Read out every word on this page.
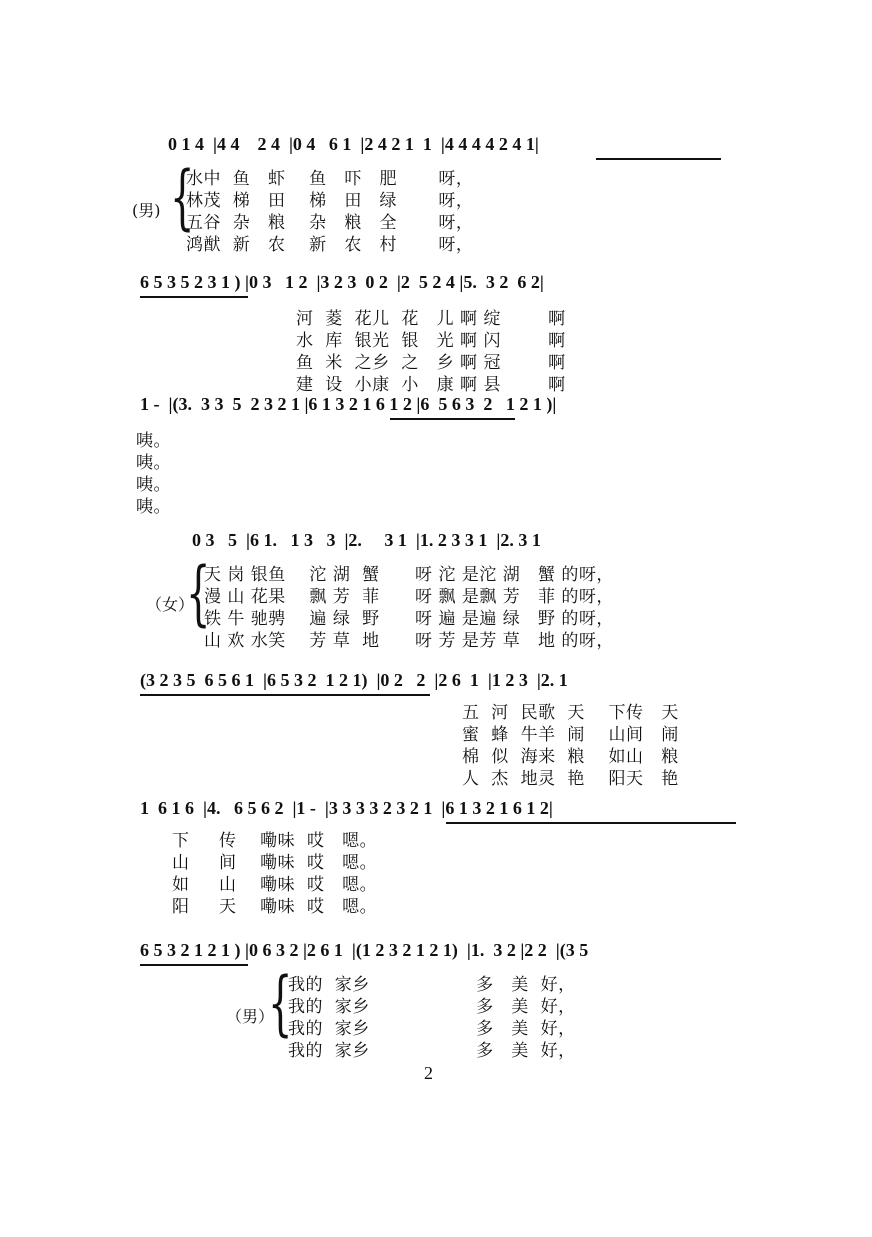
0 1 4  |4 4    2 4  |0 4   6 1  |2 4 2 1  1  |4 4 4 4 2 4 1|
(男) {
水中  鱼   虾    鱼   吓   肥       呀，
林茂  梯   田    梯   田   绿       呀，
五谷  杂   粮    杂   粮   全       呀，
鸿猷  新   农    新   农   村       呀，
6 5 3 5 2 3 1 ) |0 3   1 2  |3 2 3  0 2  |2  5 2 4 |5.  3 2  6 2|
河  菱  花儿  花   儿 啊 绽        啊
水  库  银光  银   光 啊 闪        啊
鱼  米  之乡  之   乡 啊 冠        啊
建  设  小康  小   康 啊 县        啊
1 -  |(3.  3 3  5  2 3 2 1 |6 1 3 2 1 6 1 2 |6  5 6 3  2   1 2 1 )|
咦。
咦。
咦。
咦。
0 3   5  |6 1.   1 3   3  |2.     3 1  |1. 2 3 3 1  |2. 3 1
（女）
{
天 岗 银鱼    沱 湖  蟹      呀 沱 是沱 湖   蟹 的呀，
漫 山 花果    飘 芳  菲      呀 飘 是飘 芳   菲 的呀，
铁 牛 驰骋    遍 绿  野      呀 遍 是遍 绿   野 的呀，
山 欢 水笑    芳 草  地      呀 芳 是芳 草   地 的呀，
(3 2 3 5  6 5 6 1  |6 5 3 2  1 2 1)  |0 2   2  |2 6  1  |1 2 3  |2. 1
五  河  民歌  天    下传   天
蜜  蜂  牛羊  闹    山间   闹
棉  似  海来  粮    如山   粮
人  杰  地灵  艳    阳天   艳
1  6 1 6  |4.   6 5 6 2  |1 -  |3 3 3 3 2 3 2 1  |6 1 3 2 1 6 1 2|
下     传    嘞味  哎   嗯。
山     间    嘞味  哎   嗯。
如     山    嘞味  哎   嗯。
阳     天    嘞味  哎   嗯。
6 5 3 2 1 2 1 ) |0 6 3 2 |2 6 1  |(1 2 3 2 1 2 1)  |1.  3 2 |2 2  |(3 5
（男）
{
我的  家乡                  多   美  好，
我的  家乡                  多   美  好，
我的  家乡                  多   美  好，
我的  家乡                  多   美  好，
2
